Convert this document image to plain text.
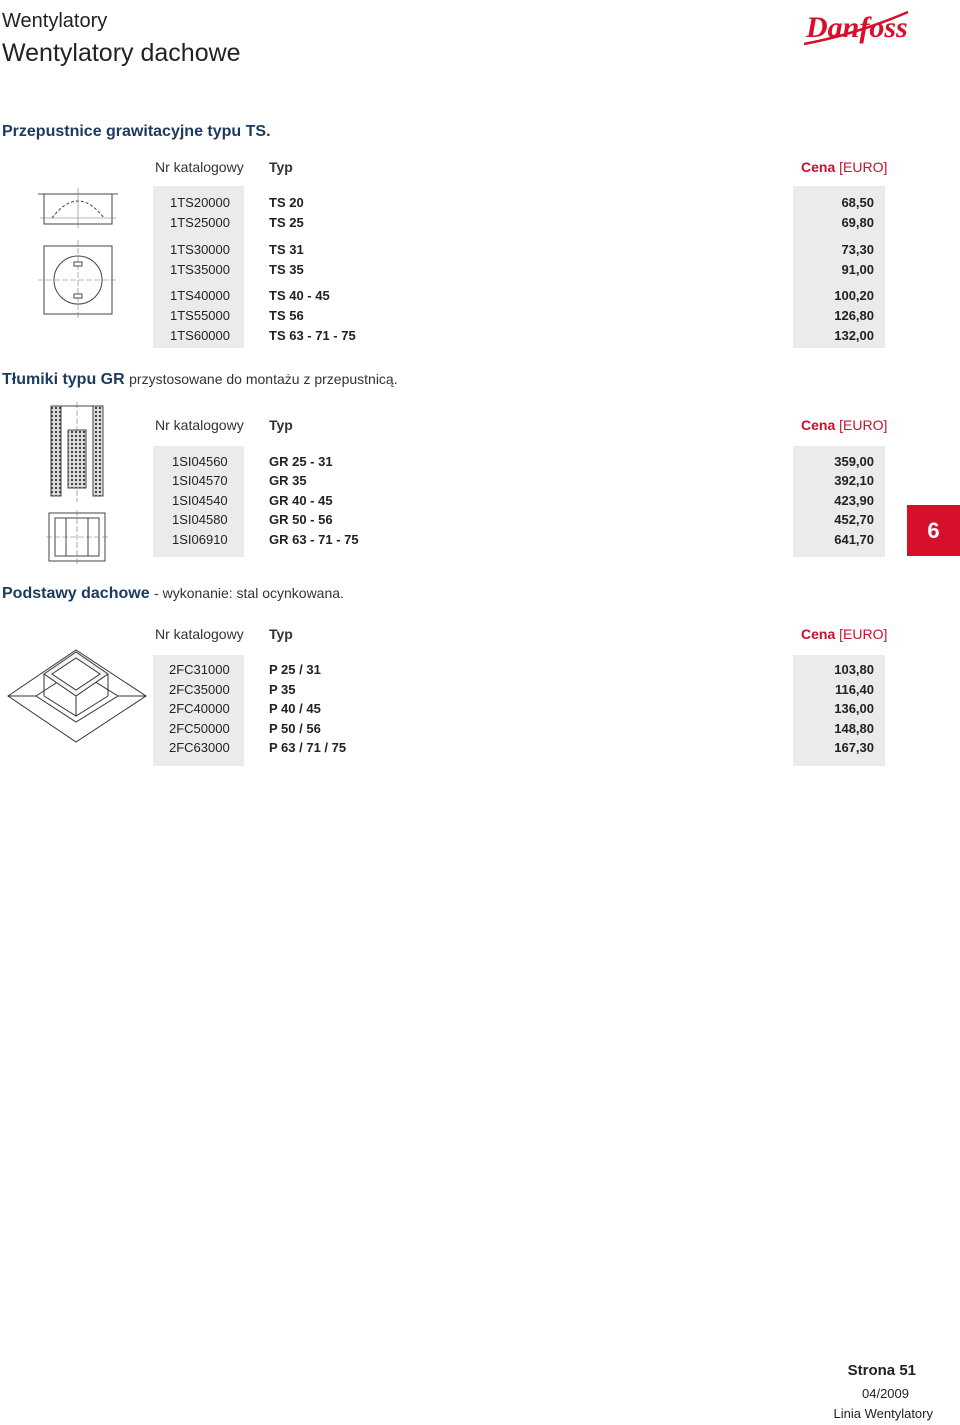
Wentylatory
Wentylatory dachowe
Danfoss
Przepustnice grawitacyjne typu TS.
Nr katalogowy Typ	Cena [EURO]
1TS20000	TS 20	68,50
1TS25000	TS 25	69,80
1TS30000	TS 31	73,30
1TS35000	TS 35	91,00
1TS40000	TS 40 - 45	100,20
1TS55000	TS 56	126,80
1TS60000	TS 63 - 71 - 75	132,00
Tłumiki typu GR przystosowane do montażu z przepustnicą.
Nr katalogowy Typ	Cena [EURO]
1SI04560	GR 25 - 31	359,00
1SI04570	GR 35	392,10
1SI04540	GR 40 - 45	423,90
1SI04580	GR 50 - 56	452,70
1SI06910	GR 63 - 71 - 75	641,70	6
Podstawy dachowe - wykonanie: stal ocynkowana.
Nr katalogowy Typ	Cena [EURO]
2FC31000	P 25 / 31	103,80
2FC35000	P 35	116,40
2FC40000	P 40 / 45	136,00
2FC50000	P 50 / 56	148,80
2FC63000	P 63 / 71 / 75	167,30
Strona 51
04/2009
Linia Wentylatory
